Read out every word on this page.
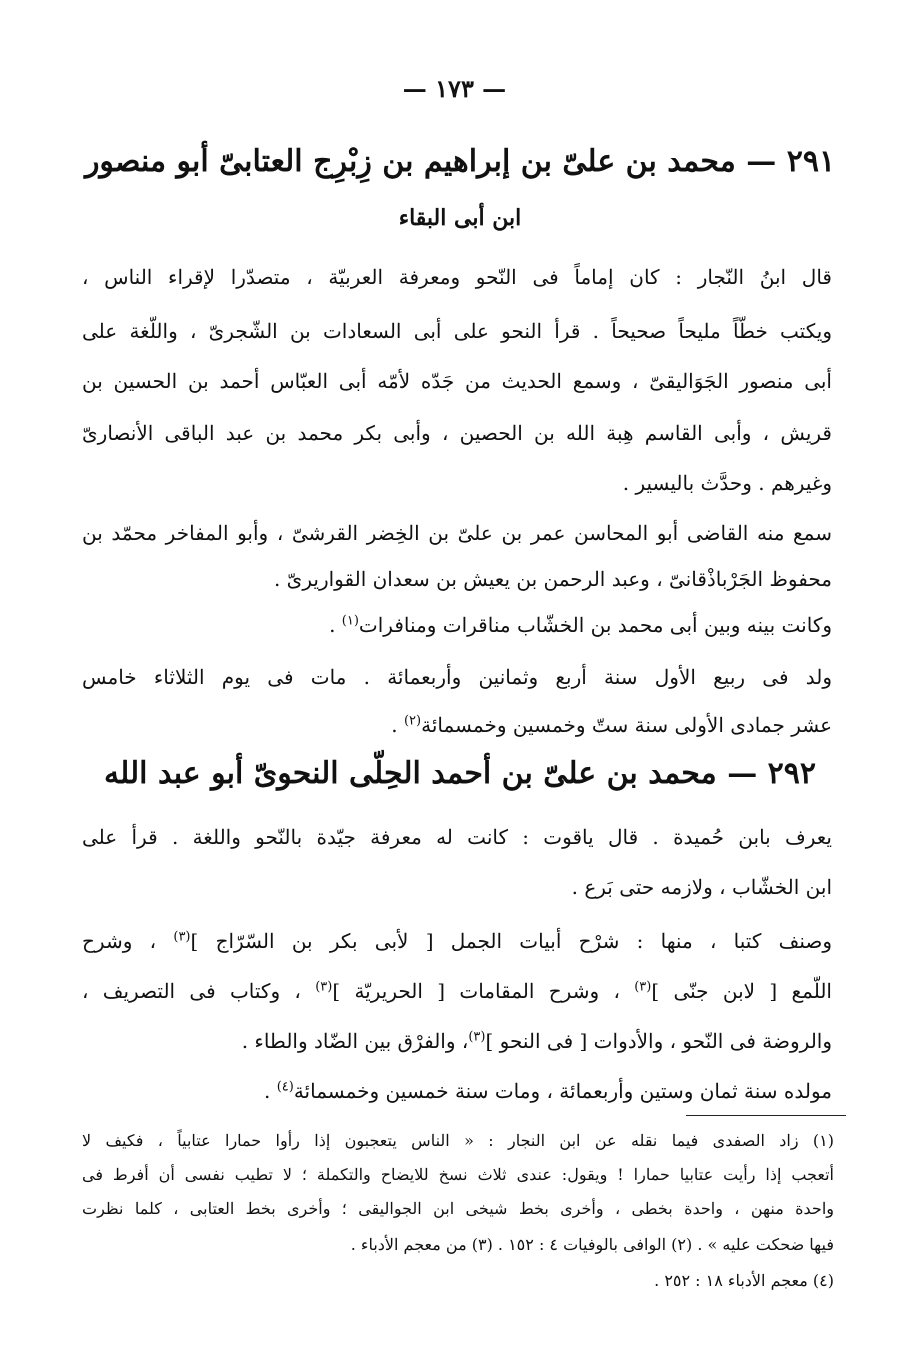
— ١٧٣ —
٢٩١ — محمد بن علىّ بن إبراهيم بن زِبْرِج العتابىّ أبو منصور
ابن أبى البقاء
قال ابنُ النّجار : كان إماماً فى النّحو ومعرفة العربيّة ، متصدّرا لإقراء الناس ،
ويكتب خطّاً مليحاً صحيحاً . قرأ النحو على أبى السعادات بن الشّجرىّ ، واللّغة على
أبى منصور الجَوَاليقىّ ، وسمع الحديث من جَدّه لأمّه أبى العبّاس أحمد بن الحسين بن
قريش ، وأبى القاسم هِبة الله بن الحصين ، وأبى بكر محمد بن عبد الباقى الأنصارىّ
وغيرهم . وحدَّث باليسير .
سمع منه القاضى أبو المحاسن عمر بن علىّ بن الخِضر القرشىّ ، وأبو المفاخر محمّد بن
محفوظ الجَرْباذْقانىّ ، وعبد الرحمن بن يعيش بن سعدان القواريرىّ .
وكانت بينه وبين أبى محمد بن الخشّاب مناقرات ومنافرات$^{(١)}$ .
ولد فى ربيع الأول سنة أربع وثمانين وأربعمائة . مات فى يوم الثلاثاء خامس
عشر جمادى الأولى سنة ستّ وخمسين وخمسمائة$^{(٢)}$ .
٢٩٢ — محمد بن علىّ بن أحمد الحِلّى النحوىّ أبو عبد الله
يعرف بابن حُميدة . قال ياقوت : كانت له معرفة جيّدة بالنّحو واللغة . قرأ على
ابن الخشّاب ، ولازمه حتى بَرع .
وصنف كتبا ، منها : شرْح أبيات الجمل [ لأبى بكر بن السّرّاج ]$^{(٣)}$ ، وشرح
اللّمع [ لابن جنّى ]$^{(٣)}$ ، وشرح المقامات [ الحريريّة ]$^{(٣)}$ ، وكتاب فى التصريف ،
والروضة فى النّحو ، والأدوات [ فى النحو ]$^{(٣)}$، والفرْق بين الضّاد والطاء .
مولده سنة ثمان وستين وأربعمائة ، ومات سنة خمسين وخمسمائة$^{(٤)}$ .
(١) زاد الصفدى فيما نقله عن ابن النجار : « الناس يتعجبون إذا رأوا حمارا عتابياً ، فكيف لا
أتعجب إذا رأيت عتابيا حمارا ! ويقول: عندى ثلاث نسخ للايضاح والتكملة ؛ لا تطيب نفسى أن أفرط فى
واحدة منهن ، واحدة بخطى ، وأخرى بخط شيخى ابن الجواليقى ؛ وأخرى بخط العتابى ، كلما نظرت
فيها ضحكت عليه » . (٢) الوافى بالوفيات ٤ : ١٥٢ . (٣) من معجم الأدباء .
(٤) معجم الأدباء ١٨ : ٢٥٢ .
